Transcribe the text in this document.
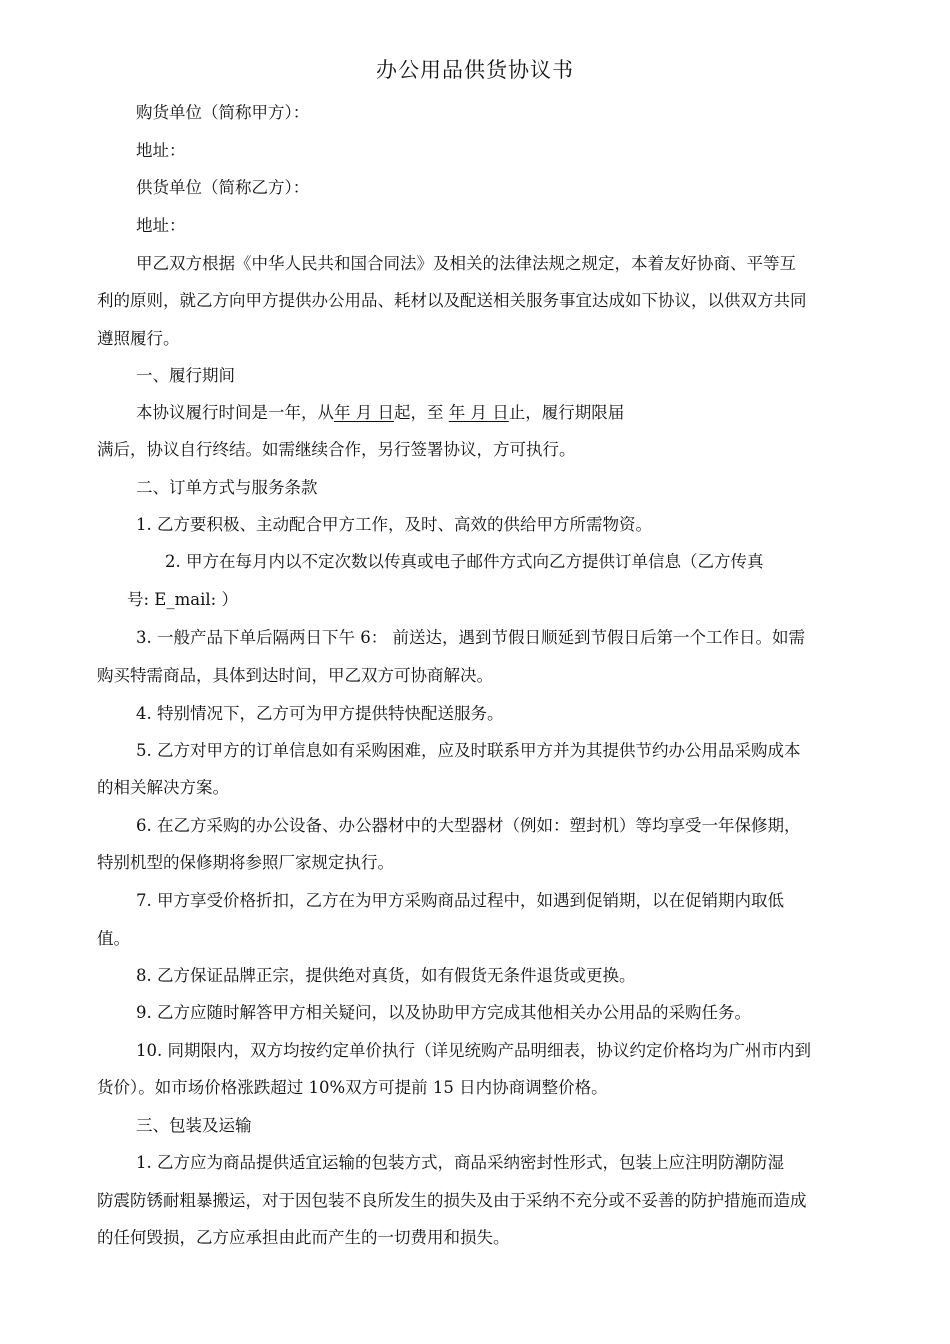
办公用品供货协议书
购货单位（简称甲方）：
地址：
供货单位（简称乙方）：
地址：
甲乙双方根据《中华人民共和国合同法》及相关的法律法规之规定，本着友好协商、平等互
利的原则，就乙方向甲方提供办公用品、耗材以及配送相关服务事宜达成如下协议，以供双方共同
遵照履行。
一、履行期间
本协议履行时间是一年，从年 月 日起，至 年 月 日止，履行期限届
满后，协议自行终结。如需继续合作，另行签署协议，方可执行。
二、订单方式与服务条款
1. 乙方要积极、主动配合甲方工作，及时、高效的供给甲方所需物资。
2. 甲方在每月内以不定次数以传真或电子邮件方式向乙方提供订单信息（乙方传真
号: E_mail: ）
3. 一般产品下单后隔两日下午 6： 前送达，遇到节假日顺延到节假日后第一个工作日。如需
购买特需商品，具体到达时间，甲乙双方可协商解决。
4. 特别情况下，乙方可为甲方提供特快配送服务。
5. 乙方对甲方的订单信息如有采购困难，应及时联系甲方并为其提供节约办公用品采购成本
的相关解决方案。
6. 在乙方采购的办公设备、办公器材中的大型器材（例如：塑封机）等均享受一年保修期，
特别机型的保修期将参照厂家规定执行。
7. 甲方享受价格折扣，乙方在为甲方采购商品过程中，如遇到促销期，以在促销期内取低
值。
8. 乙方保证品牌正宗，提供绝对真货，如有假货无条件退货或更换。
9. 乙方应随时解答甲方相关疑问，以及协助甲方完成其他相关办公用品的采购任务。
10. 同期限内，双方均按约定单价执行（详见统购产品明细表，协议约定价格均为广州市内到
货价）。如市场价格涨跌超过 10%双方可提前 15 日内协商调整价格。
三、包装及运输
1. 乙方应为商品提供适宜运输的包装方式，商品采纳密封性形式，包装上应注明防潮防湿
防震防锈耐粗暴搬运，对于因包装不良所发生的损失及由于采纳不充分或不妥善的防护措施而造成
的任何毁损，乙方应承担由此而产生的一切费用和损失。
